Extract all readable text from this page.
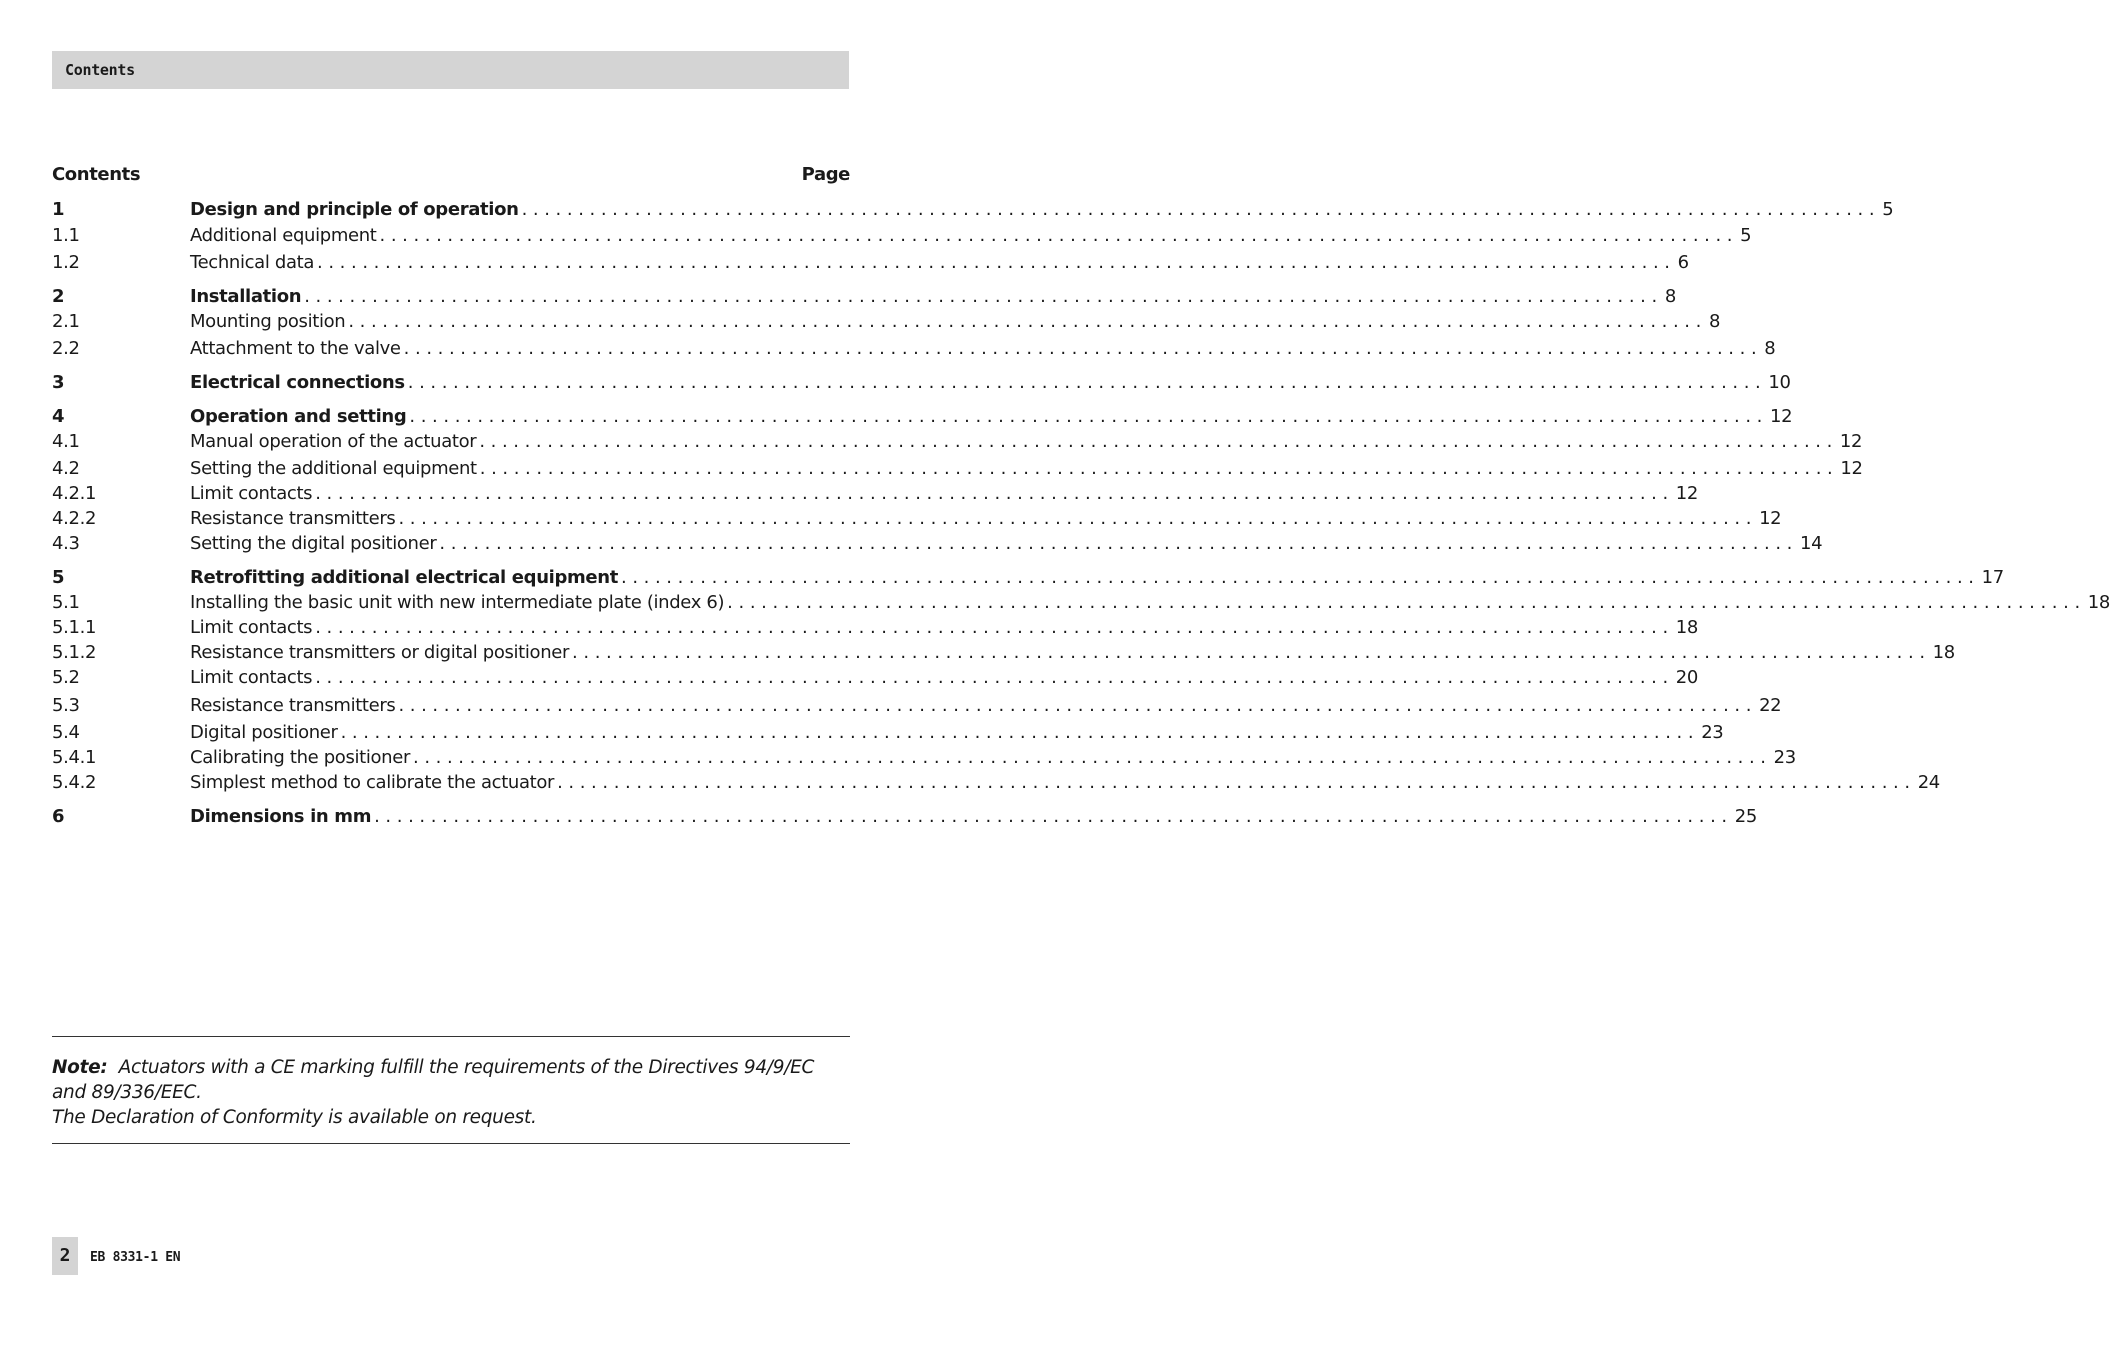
Contents
Contents	Page
1	Design and principle of operation ........................................................................................................................ 5
1.1	Additional equipment ........................................................................................................................ 5
1.2	Technical data ........................................................................................................................ 6
2	Installation ........................................................................................................................ 8
2.1	Mounting position ........................................................................................................................ 8
2.2	Attachment to the valve ........................................................................................................................ 8
3	Electrical connections ........................................................................................................................ 10
4	Operation and setting ........................................................................................................................ 12
4.1	Manual operation of the actuator ........................................................................................................................ 12
4.2	Setting the additional equipment ........................................................................................................................ 12
4.2.1	Limit contacts ........................................................................................................................ 12
4.2.2	Resistance transmitters ........................................................................................................................ 12
4.3	Setting the digital positioner ........................................................................................................................ 14
5	Retrofitting additional electrical equipment ........................................................................................................................ 17
5.1	Installing the basic unit with new intermediate plate (index 6) ........................................................................................................................ 18
5.1.1	Limit contacts ........................................................................................................................ 18
5.1.2	Resistance transmitters or digital positioner ........................................................................................................................ 18
5.2	Limit contacts ........................................................................................................................ 20
5.3	Resistance transmitters ........................................................................................................................ 22
5.4	Digital positioner ........................................................................................................................ 23
5.4.1	Calibrating the positioner ........................................................................................................................ 23
5.4.2	Simplest method to calibrate the actuator ........................................................................................................................ 24
6	Dimensions in mm ........................................................................................................................ 25
Note: Actuators with a CE marking fulfill the requirements of the Directives 94/9/EC and 89/336/EEC.
The Declaration of Conformity is available on request.
2	EB 8331-1 EN
